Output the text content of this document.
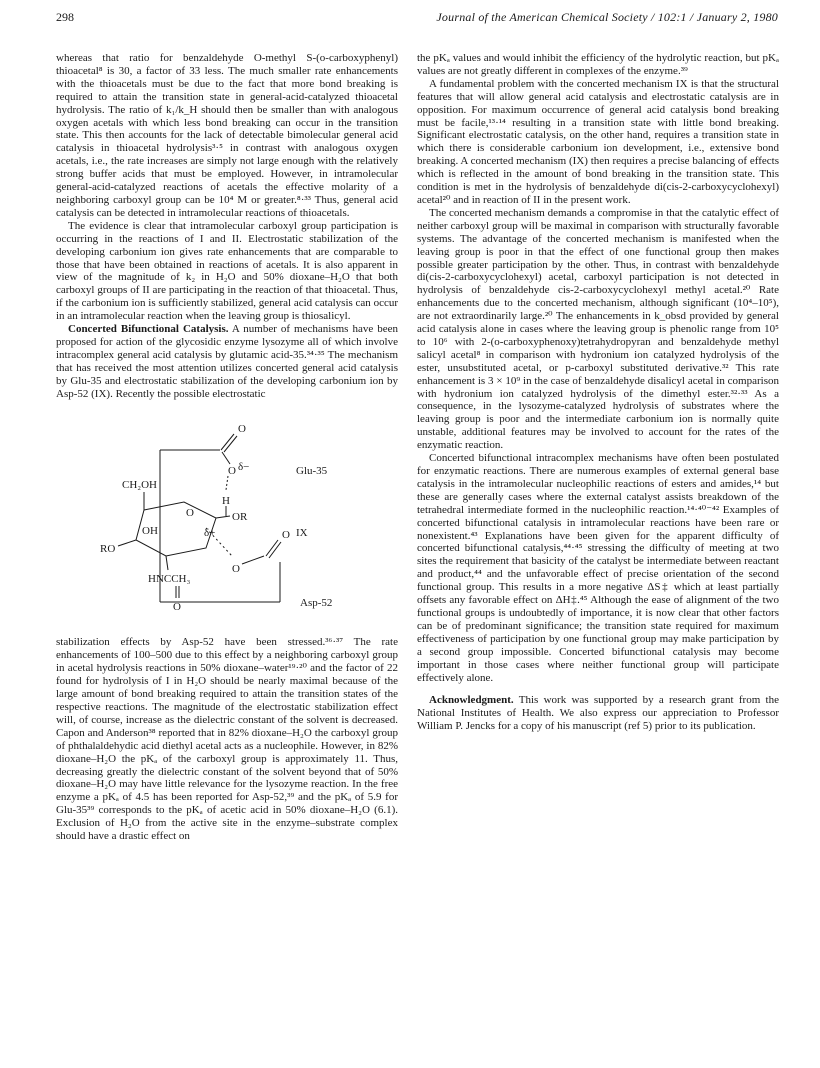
298	Journal of the American Chemical Society / 102:1 / January 2, 1980

whereas that ratio for benzaldehyde O-methyl S-(o-carboxyphenyl) thioacetal⁸ is 30, a factor of 33 less. The much smaller rate enhancements with the thioacetals must be due to the fact that more bond breaking is required to attain the transition state in general-acid-catalyzed thioacetal hydrolysis. The ratio of k₁/k_H should then be smaller than with analogous oxygen acetals with which less bond breaking can occur in the transition state. This then accounts for the lack of detectable bimolecular general acid catalysis in thioacetal hydrolysis³·⁵ in contrast with analogous oxygen acetals, i.e., the rate increases are simply not large enough with the relatively strong buffer acids that must be employed. However, in intramolecular general-acid-catalyzed reactions of acetals the effective molarity of a neighboring carboxyl group can be 10⁴ M or greater.⁸·³³ Thus, general acid catalysis can be detected in intramolecular reactions of thioacetals.

The evidence is clear that intramolecular carboxyl group participation is occurring in the reactions of I and II. Electrostatic stabilization of the developing carbonium ion gives rate enhancements that are comparable to those that have been obtained in reactions of acetals. It is also apparent in view of the magnitude of k₂ in H₂O and 50% dioxane–H₂O that both carboxyl groups of II are participating in the reaction of that thioacetal. Thus, if the carbonium ion is sufficiently stabilized, general acid catalysis can occur in an intramolecular reaction when the leaving group is thiosalicyl.

Concerted Bifunctional Catalysis. A number of mechanisms have been proposed for action of the glycosidic enzyme lysozyme all of which involve intracomplex general acid catalysis by glutamic acid-35.³⁴·³⁵ The mechanism that has received the most attention utilizes concerted general acid catalysis by Glu-35 and electrostatic stabilization of the developing carbonium ion by Asp-52 (IX). Recently the possible electrostatic

O
O δ−	Glu-35
CH₂OH
H
OR
O
OH	δ+	IX
RO
O
O
HNCCH₃
O	Asp-52

stabilization effects by Asp-52 have been stressed.³⁶·³⁷ The rate enhancements of 100–500 due to this effect by a neighboring carboxyl group in acetal hydrolysis reactions in 50% dioxane–water¹⁹·²⁰ and the factor of 22 found for hydrolysis of I in H₂O should be nearly maximal because of the large amount of bond breaking required to attain the transition states of the respective reactions. The magnitude of the electrostatic stabilization effect will, of course, increase as the dielectric constant of the solvent is decreased. Capon and Anderson³⁸ reported that in 82% dioxane–H₂O the carboxyl group of phthalaldehydic acid diethyl acetal acts as a nucleophile. However, in 82% dioxane–H₂O the pKₐ of the carboxyl group is approximately 11. Thus, decreasing greatly the dielectric constant of the solvent beyond that of 50% dioxane–H₂O may have little relevance for the lysozyme reaction. In the free enzyme a pKₐ of 4.5 has been reported for Asp-52,³⁹ and the pKₐ of 5.9 for Glu-35³⁹ corresponds to the pKₐ of acetic acid in 50% dioxane–H₂O (6.1). Exclusion of H₂O from the active site in the enzyme–substrate complex should have a drastic effect on

the pKₐ values and would inhibit the efficiency of the hydrolytic reaction, but pKₐ values are not greatly different in complexes of the enzyme.³⁹

A fundamental problem with the concerted mechanism IX is that the structural features that will allow general acid catalysis and electrostatic catalysis are in opposition. For maximum occurrence of general acid catalysis bond breaking must be facile,¹³·¹⁴ resulting in a transition state with little bond breaking. Significant electrostatic catalysis, on the other hand, requires a transition state in which there is considerable carbonium ion development, i.e., extensive bond breaking. A concerted mechanism (IX) then requires a precise balancing of effects which is reflected in the amount of bond breaking in the transition state. This condition is met in the hydrolysis of benzaldehyde di(cis-2-carboxycyclohexyl) acetal²⁰ and in reaction of II in the present work.

The concerted mechanism demands a compromise in that the catalytic effect of neither carboxyl group will be maximal in comparison with structurally favorable systems. The advantage of the concerted mechanism is manifested when the leaving group is poor in that the effect of one functional group then makes possible greater participation by the other. Thus, in contrast with benzaldehyde di(cis-2-carboxycyclohexyl) acetal, carboxyl participation is not detected in hydrolysis of benzaldehyde cis-2-carboxycyclohexyl methyl acetal.²⁰ Rate enhancements due to the concerted mechanism, although significant (10⁴–10⁵), are not extraordinarily large.²⁰ The enhancements in k_obsd provided by general acid catalysis alone in cases where the leaving group is phenolic range from 10⁵ to 10⁶ with 2-(o-carboxyphenoxy)tetrahydropyran and benzaldehyde methyl salicyl acetal⁸ in comparison with hydronium ion catalyzed hydrolysis of the ester, unsubstituted acetal, or p-carboxyl substituted derivative.³² This rate enhancement is 3 × 10⁹ in the case of benzaldehyde disalicyl acetal in comparison with hydronium ion catalyzed hydrolysis of the dimethyl ester.³²·³³ As a consequence, in the lysozyme-catalyzed hydrolysis of substrates where the leaving group is poor and the intermediate carbonium ion is normally quite unstable, additional features may be involved to account for the rates of the enzymatic reaction.

Concerted bifunctional intracomplex mechanisms have often been postulated for enzymatic reactions. There are numerous examples of external general base catalysis in the intramolecular nucleophilic reactions of esters and amides,¹⁴ but these are generally cases where the external catalyst assists breakdown of the tetrahedral intermediate formed in the nucleophilic reaction.¹⁴·⁴⁰⁻⁴² Examples of concerted bifunctional catalysis in intramolecular reactions have been rare or nonexistent.⁴³ Explanations have been given for the apparent difficulty of concerted bifunctional catalysis,⁴⁴·⁴⁵ stressing the difficulty of meeting at two sites the requirement that basicity of the catalyst be intermediate between reactant and product,⁴⁴ and the unfavorable effect of precise orientation of the second functional group. This results in a more negative ΔS‡ which at least partially offsets any favorable effect on ΔH‡.⁴⁵ Although the ease of alignment of the two functional groups is undoubtedly of importance, it is now clear that other factors can be of predominant significance; the transition state required for maximum effectiveness of participation by one functional group may make participation by a second group impossible. Concerted bifunctional catalysis may become important in those cases where neither functional group will participate effectively alone.

Acknowledgment. This work was supported by a research grant from the National Institutes of Health. We also express our appreciation to Professor William P. Jencks for a copy of his manuscript (ref 5) prior to its publication.
